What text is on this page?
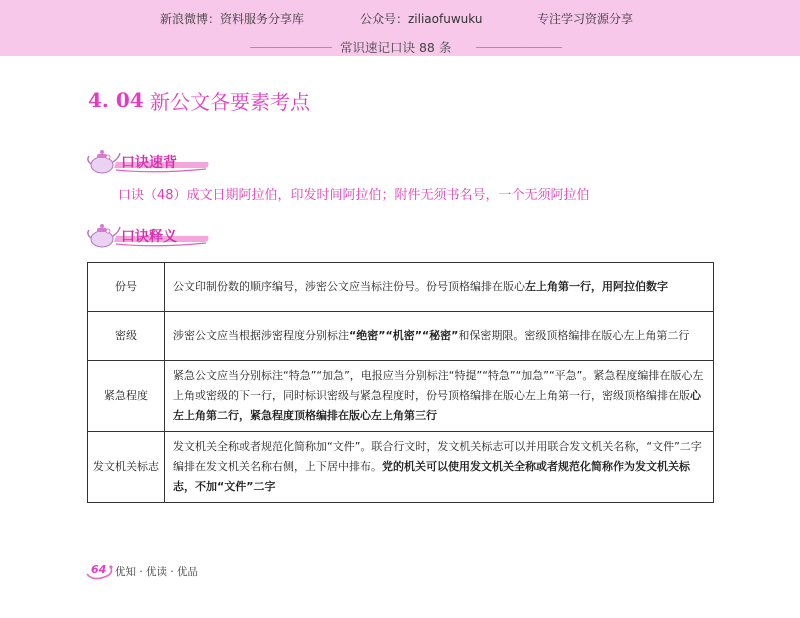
新浪微博：资料服务分享库	公众号：ziliaofuwuku	专注学习资源分享
常识速记口诀 88 条
4. 04 新公文各要素考点
口诀速背
口诀（48）成文日期阿拉伯，印发时间阿拉伯；附件无须书名号，一个无须阿拉伯
口诀释义
份号	公文印制份数的顺序编号，涉密公文应当标注份号。份号顶格编排在版心左上角第一行，用阿拉伯数字
密级	涉密公文应当根据涉密程度分别标注“绝密”“机密”“秘密”和保密期限。密级顶格编排在版心左上角第二行
紧急程度	紧急公文应当分别标注“特急”“加急”，电报应当分别标注“特提”“特急”“加急”“平急”。紧急程度编排在版心左上角或密级的下一行，同时标识密级与紧急程度时，份号顶格编排在版心左上角第一行，密级顶格编排在版心左上角第二行，紧急程度顶格编排在版心左上角第三行
发文机关标志	发文机关全称或者规范化简称加“文件”。联合行文时，发文机关标志可以并用联合发文机关名称，“文件”二字编排在发文机关名称右侧，上下居中排布。党的机关可以使用发文机关全称或者规范化简称作为发文机关标志，不加“文件”二字
64 优知 · 优读 · 优品
